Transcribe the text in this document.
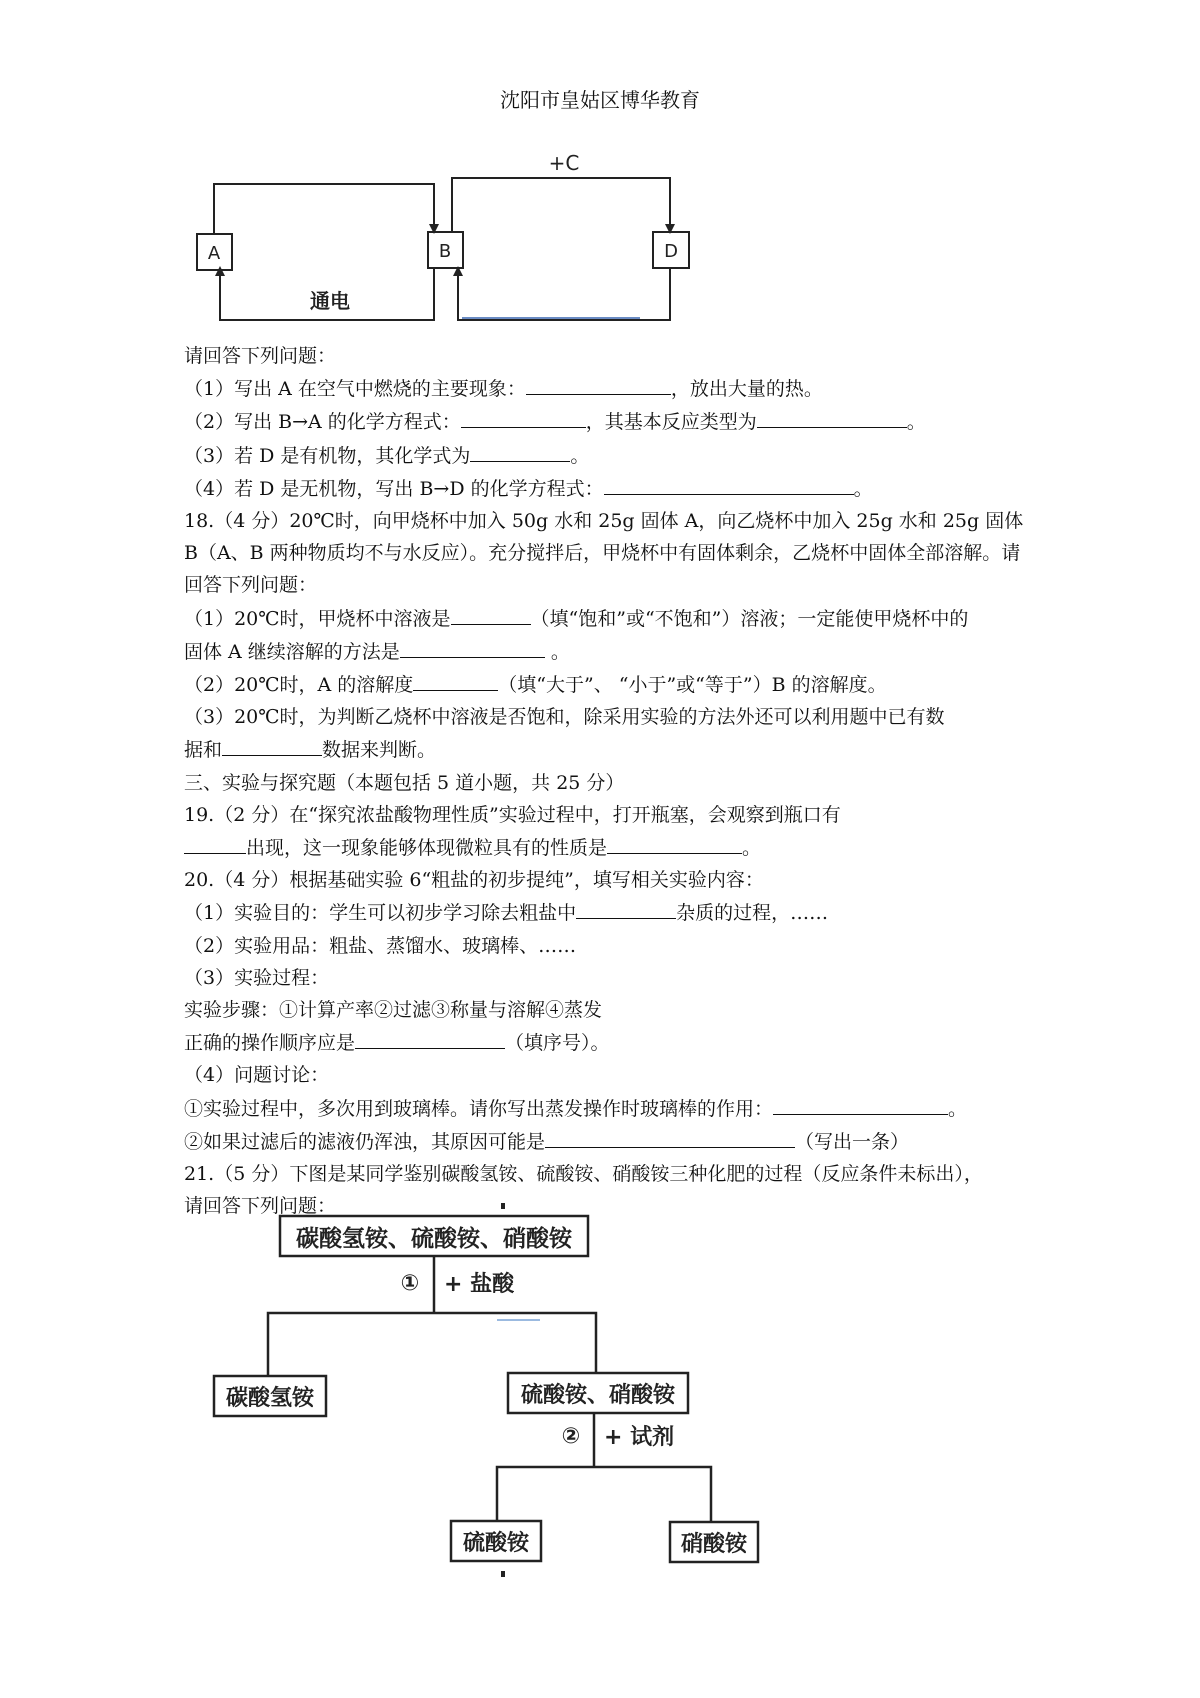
沈阳市皇姑区博华教育
A	B	D
+C
通电

请回答下列问题：

（1）写出 A 在空气中燃烧的主要现象：	，放出大量的热。

（2）写出 B→A 的化学方程式：	，其基本反应类型为	。

（3）若 D 是有机物，其化学式为	。

（4）若 D 是无机物，写出 B→D 的化学方程式：	。

18.（4 分）20℃时，向甲烧杯中加入 50g 水和 25g 固体 A，向乙烧杯中加入 25g 水和 25g 固体 B（A、B 两种物质均不与水反应）。充分搅拌后，甲烧杯中有固体剩余，乙烧杯中固体全部溶解。请回答下列问题：

（1）20℃时，甲烧杯中溶液是	（填“饱和”或“不饱和”）溶液；一定能使甲烧杯中的

固体 A 继续溶解的方法是	。

（2）20℃时，A 的溶解度	（填“大于”、 “小于”或“等于”）B 的溶解度。

（3）20℃时，为判断乙烧杯中溶液是否饱和，除采用实验的方法外还可以利用题中已有数

据和	数据来判断。

三、实验与探究题（本题包括 5 道小题，共 25 分）

19.（2 分）在“探究浓盐酸物理性质”实验过程中，打开瓶塞，会观察到瓶口有

出现，这一现象能够体现微粒具有的性质是	。

20.（4 分）根据基础实验 6“粗盐的初步提纯”，填写相关实验内容：

（1）实验目的：学生可以初步学习除去粗盐中	杂质的过程，……

（2）实验用品：粗盐、蒸馏水、玻璃棒、……

（3）实验过程：

实验步骤：①计算产率②过滤③称量与溶解④蒸发

正确的操作顺序应是	（填序号）。

（4）问题讨论：

①实验过程中，多次用到玻璃棒。请你写出蒸发操作时玻璃棒的作用：	。

②如果过滤后的滤液仍浑浊，其原因可能是	（写出一条）

21.（5 分）下图是某同学鉴别碳酸氢铵、硫酸铵、硝酸铵三种化肥的过程（反应条件未标出），

请回答下列问题：

碳酸氢铵、硫酸铵、硝酸铵
① + 盐酸
碳酸氢铵	硫酸铵、硝酸铵
② + 试剂
硫酸铵	硝酸铵
